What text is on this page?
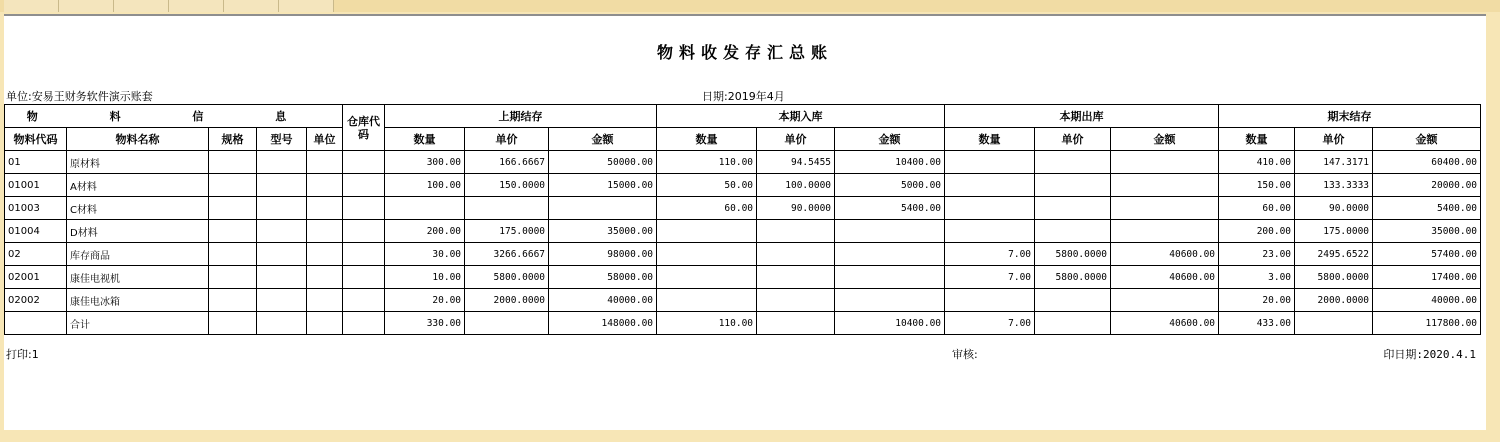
物料收发存汇总账
单位:安易王财务软件演示账套	日期:2019年4月
物 料 信 息					仓库代码	上期结存			本期入库			本期出库			期末结存		
物料代码	物料名称	规格	型号	单位		数量	单价	金额	数量	单价	金额	数量	单价	金额	数量	单价	金额
01	原材料					300.00	166.6667	50000.00	110.00	94.5455	10400.00				410.00	147.3171	60400.00
01001	A材料					100.00	150.0000	15000.00	50.00	100.0000	5000.00				150.00	133.3333	20000.00
01003	C材料								60.00	90.0000	5400.00				60.00	90.0000	5400.00
01004	D材料					200.00	175.0000	35000.00							200.00	175.0000	35000.00
02	库存商品					30.00	3266.6667	98000.00				7.00	5800.0000	40600.00	23.00	2495.6522	57400.00
02001	康佳电视机					10.00	5800.0000	58000.00				7.00	5800.0000	40600.00	3.00	5800.0000	17400.00
02002	康佳电冰箱					20.00	2000.0000	40000.00							20.00	2000.0000	40000.00
	合计					330.00		148000.00	110.00		10400.00	7.00		40600.00	433.00		117800.00
打印:1	审核:	印日期:2020.4.1
